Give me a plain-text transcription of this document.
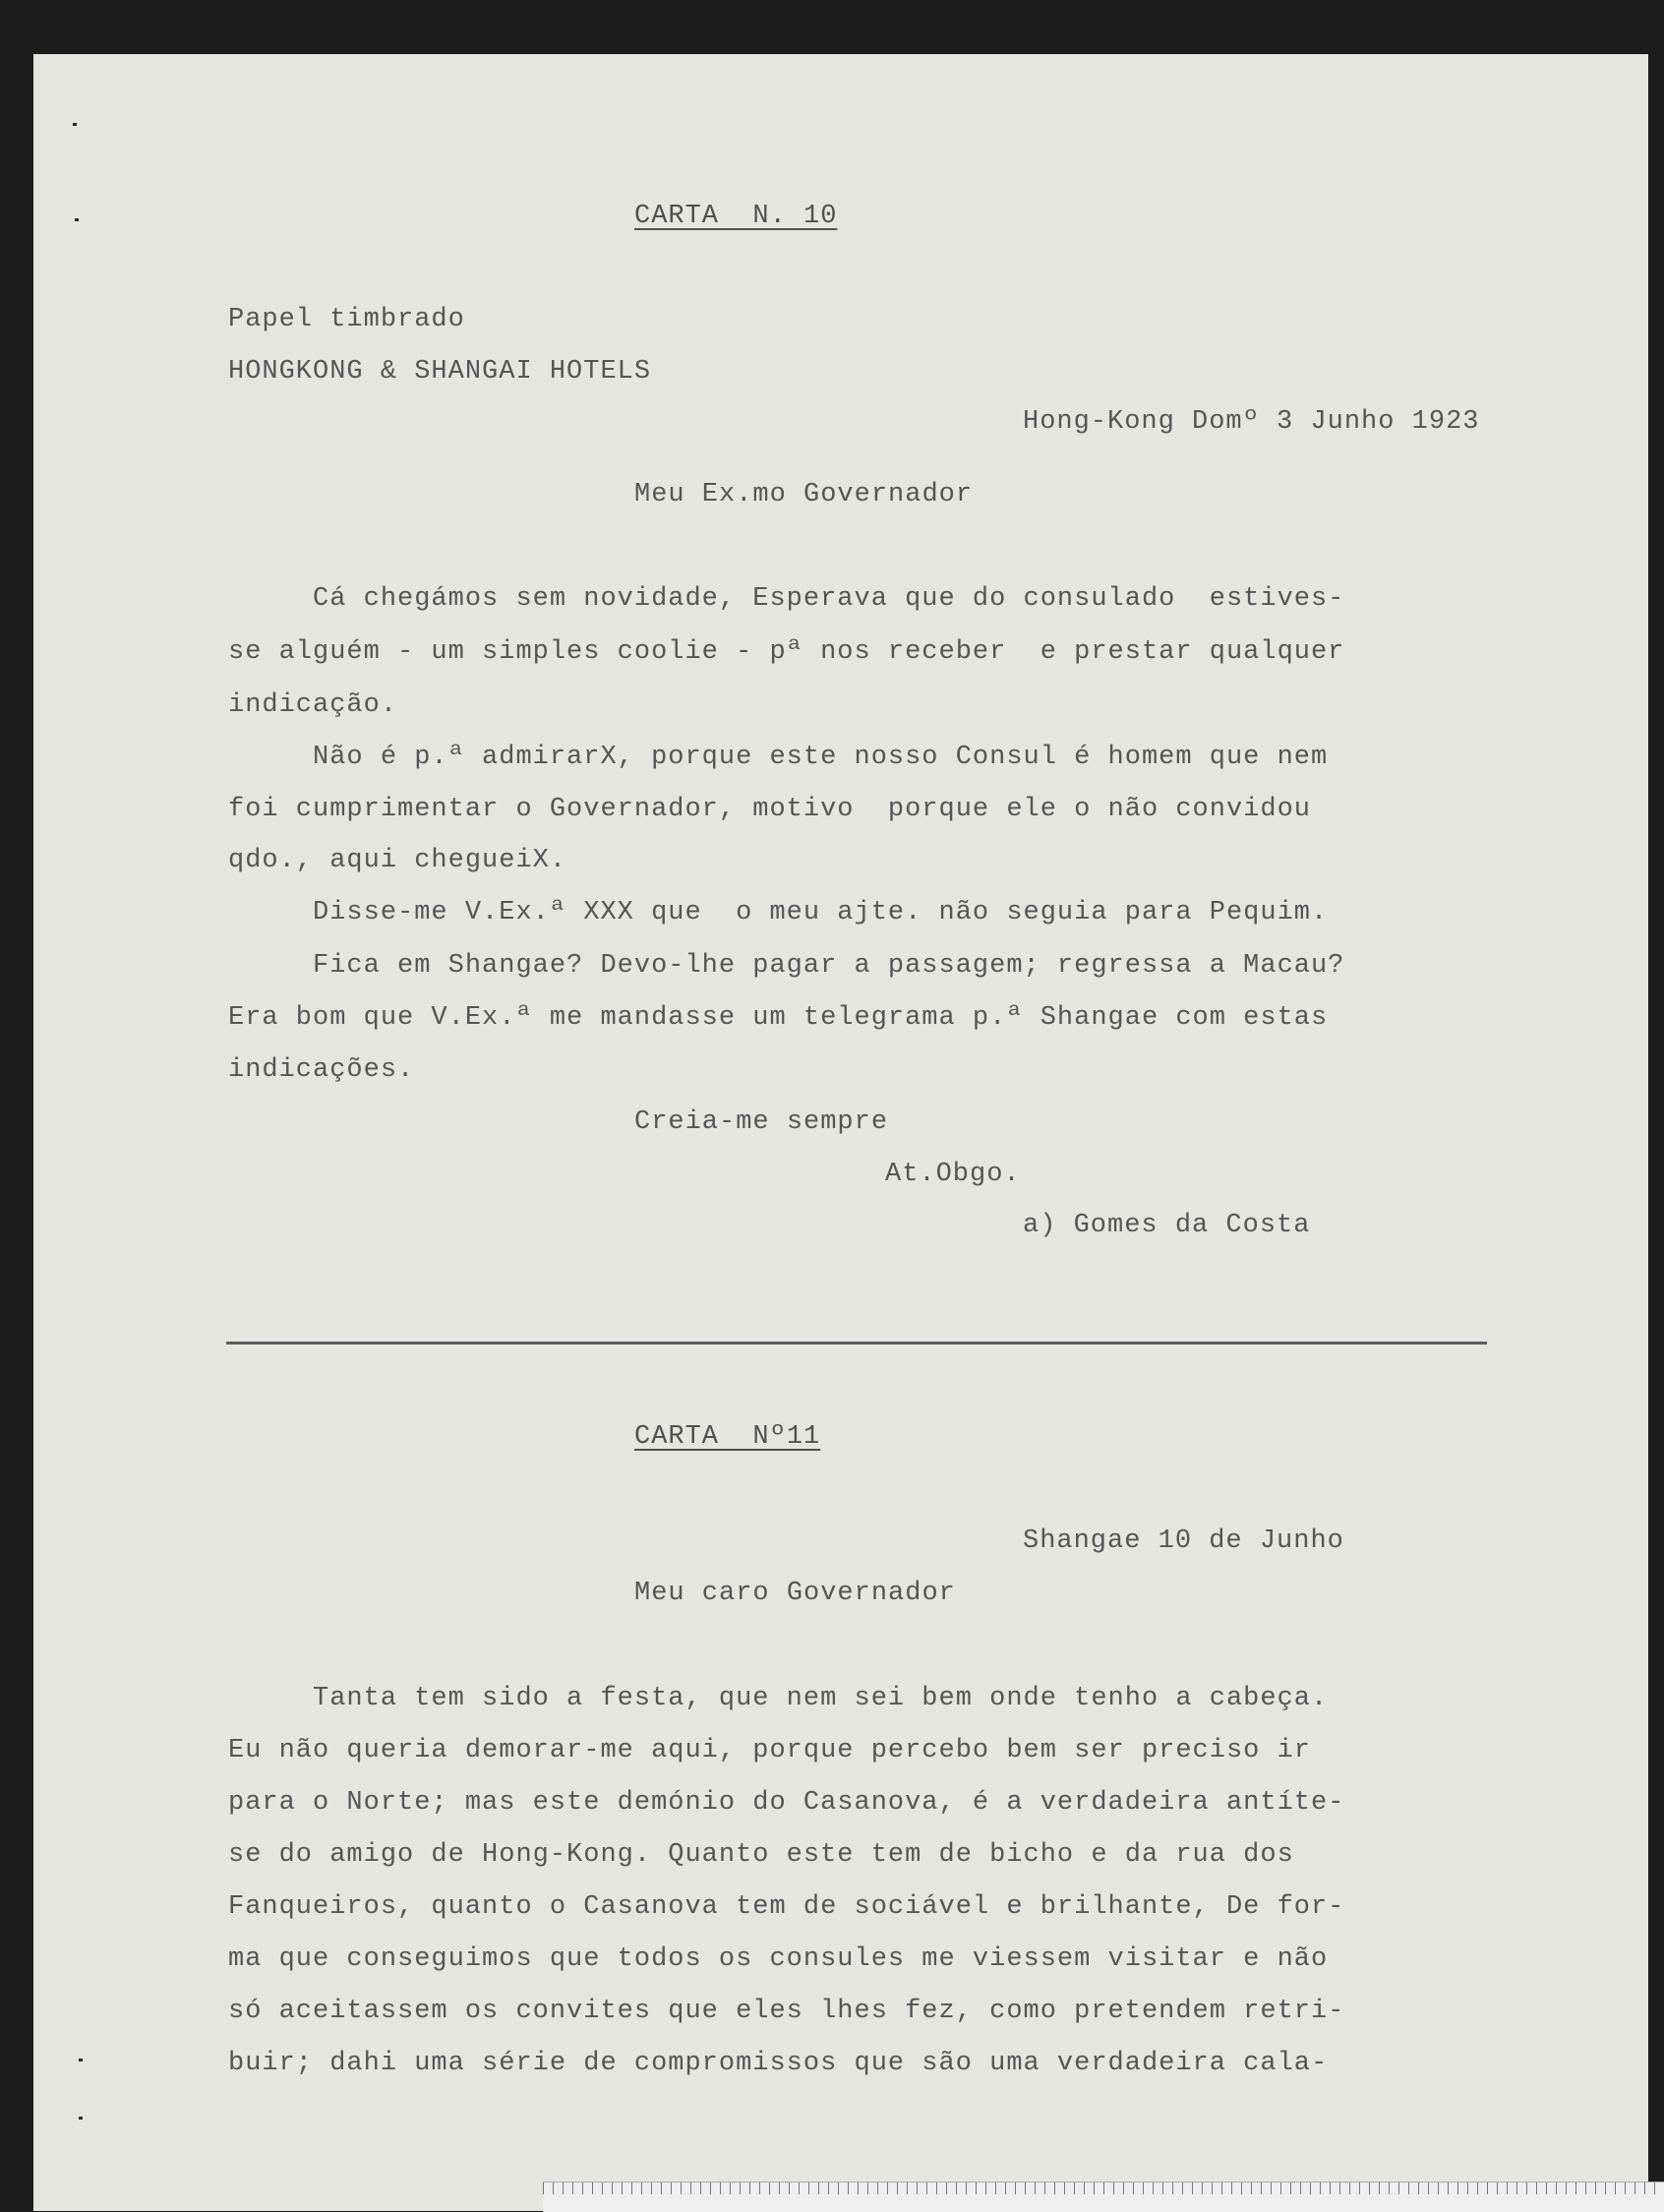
CARTA  N. 10
Papel timbrado
HONGKONG & SHANGAI HOTELS
Hong-Kong Domº 3 Junho 1923
Meu Ex.mo Governador
Cá chegámos sem novidade, Esperava que do consulado  estives-
se alguém - um simples coolie - pª nos receber  e prestar qualquer
indicação.
Não é p.ª admirarX, porque este nosso Consul é homem que nem
foi cumprimentar o Governador, motivo  porque ele o não convidou
qdo., aqui chegueiX.
Disse-me V.Ex.ª XXX que  o meu ajte. não seguia para Pequim.
Fica em Shangae? Devo-lhe pagar a passagem; regressa a Macau?
Era bom que V.Ex.ª me mandasse um telegrama p.ª Shangae com estas
indicações.
Creia-me sempre
At.Obgo.
a) Gomes da Costa
CARTA  Nº11
Shangae 10 de Junho
Meu caro Governador
Tanta tem sido a festa, que nem sei bem onde tenho a cabeça.
Eu não queria demorar-me aqui, porque percebo bem ser preciso ir
para o Norte; mas este demónio do Casanova, é a verdadeira antíte-
se do amigo de Hong-Kong. Quanto este tem de bicho e da rua dos
Fanqueiros, quanto o Casanova tem de sociável e brilhante, De for-
ma que conseguimos que todos os consules me viessem visitar e não
só aceitassem os convites que eles lhes fez, como pretendem retri-
buir; dahi uma série de compromissos que são uma verdadeira cala-
